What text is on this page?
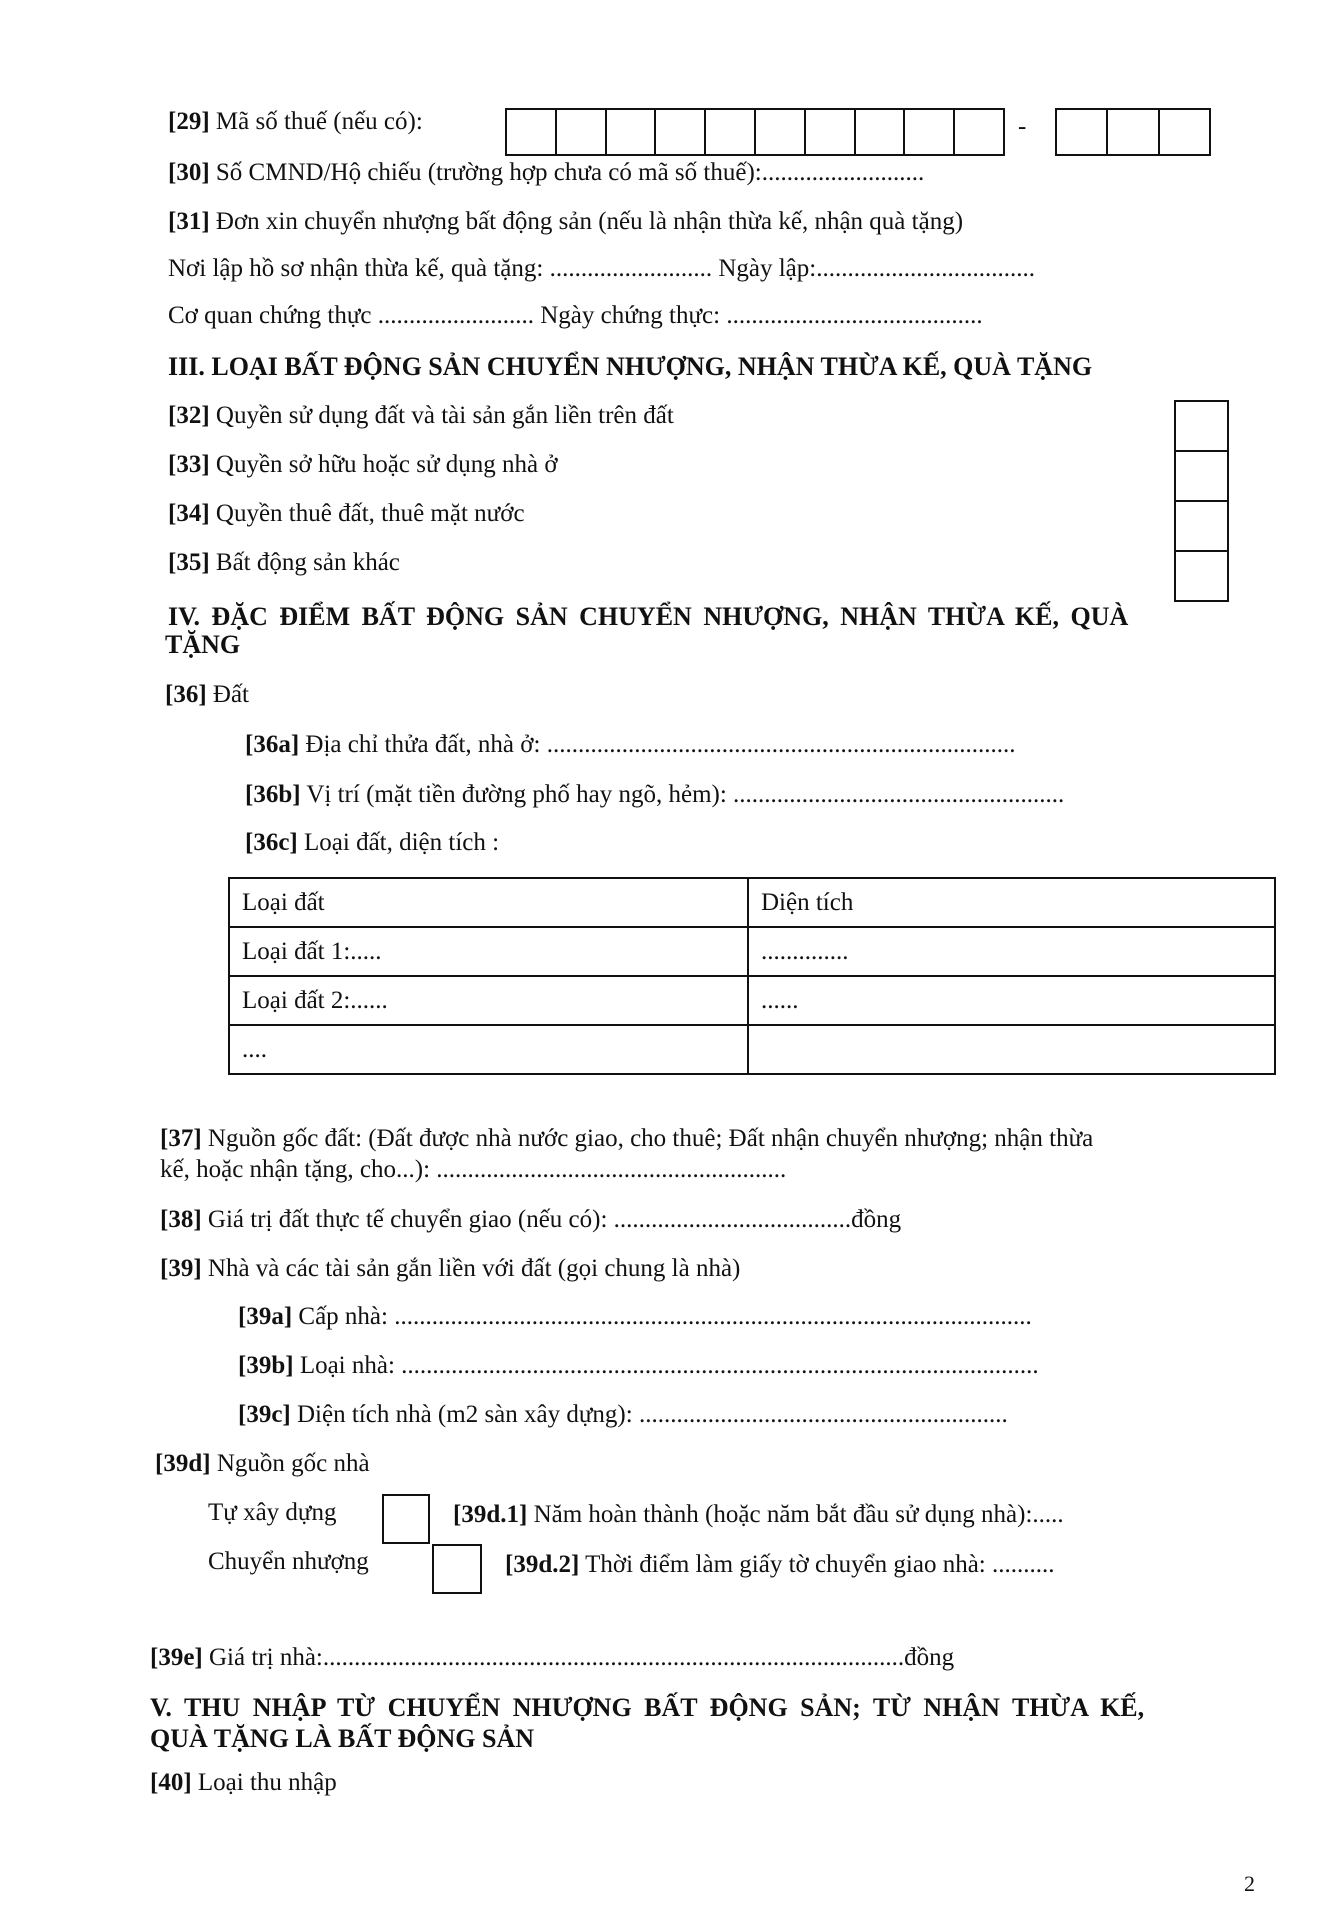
[29] Mã số thuế (nếu có):	-
[30] Số CMND/Hộ chiếu (trường hợp chưa có mã số thuế):..........................
[31] Đơn xin chuyển nhượng bất động sản (nếu là nhận thừa kế, nhận quà tặng)
Nơi lập hồ sơ nhận thừa kế, quà tặng: .......................... Ngày lập:...................................
Cơ quan chứng thực ......................... Ngày chứng thực: .........................................
III. LOẠI BẤT ĐỘNG SẢN CHUYỂN NHƯỢNG, NHẬN THỪA KẾ, QUÀ TẶNG
[32] Quyền sử dụng đất và tài sản gắn liền trên đất
[33] Quyền sở hữu hoặc sử dụng nhà ở
[34] Quyền thuê đất, thuê mặt nước
[35] Bất động sản khác
IV. ĐẶC ĐIỂM BẤT ĐỘNG SẢN CHUYỂN NHƯỢNG, NHẬN THỪA KẾ, QUÀ
TẶNG
[36] Đất
[36a] Địa chỉ thửa đất, nhà ở: ...........................................................................
[36b] Vị trí (mặt tiền đường phố hay ngõ, hẻm): .....................................................
[36c] Loại đất, diện tích :
Loại đất	Diện tích
Loại đất 1:.....	..............
Loại đất 2:......	......
....	
[37] Nguồn gốc đất: (Đất được nhà nước giao, cho thuê; Đất nhận chuyển nhượng; nhận thừa
kế, hoặc nhận tặng, cho...): ........................................................
[38] Giá trị đất thực tế chuyển giao (nếu có): ......................................đồng
[39] Nhà và các tài sản gắn liền với đất (gọi chung là nhà)
[39a] Cấp nhà: ......................................................................................................
[39b] Loại nhà: ......................................................................................................
[39c] Diện tích nhà (m2 sàn xây dựng): ...........................................................
[39d] Nguồn gốc nhà
Tự xây dựng	[39d.1] Năm hoàn thành (hoặc năm bắt đầu sử dụng nhà):.....
Chuyển nhượng	[39d.2] Thời điểm làm giấy tờ chuyển giao nhà: ..........
[39e] Giá trị nhà:.............................................................................................đồng
V. THU NHẬP TỪ CHUYỂN NHƯỢNG BẤT ĐỘNG SẢN; TỪ NHẬN THỪA KẾ,
QUÀ TẶNG LÀ BẤT ĐỘNG SẢN
[40] Loại thu nhập
2
